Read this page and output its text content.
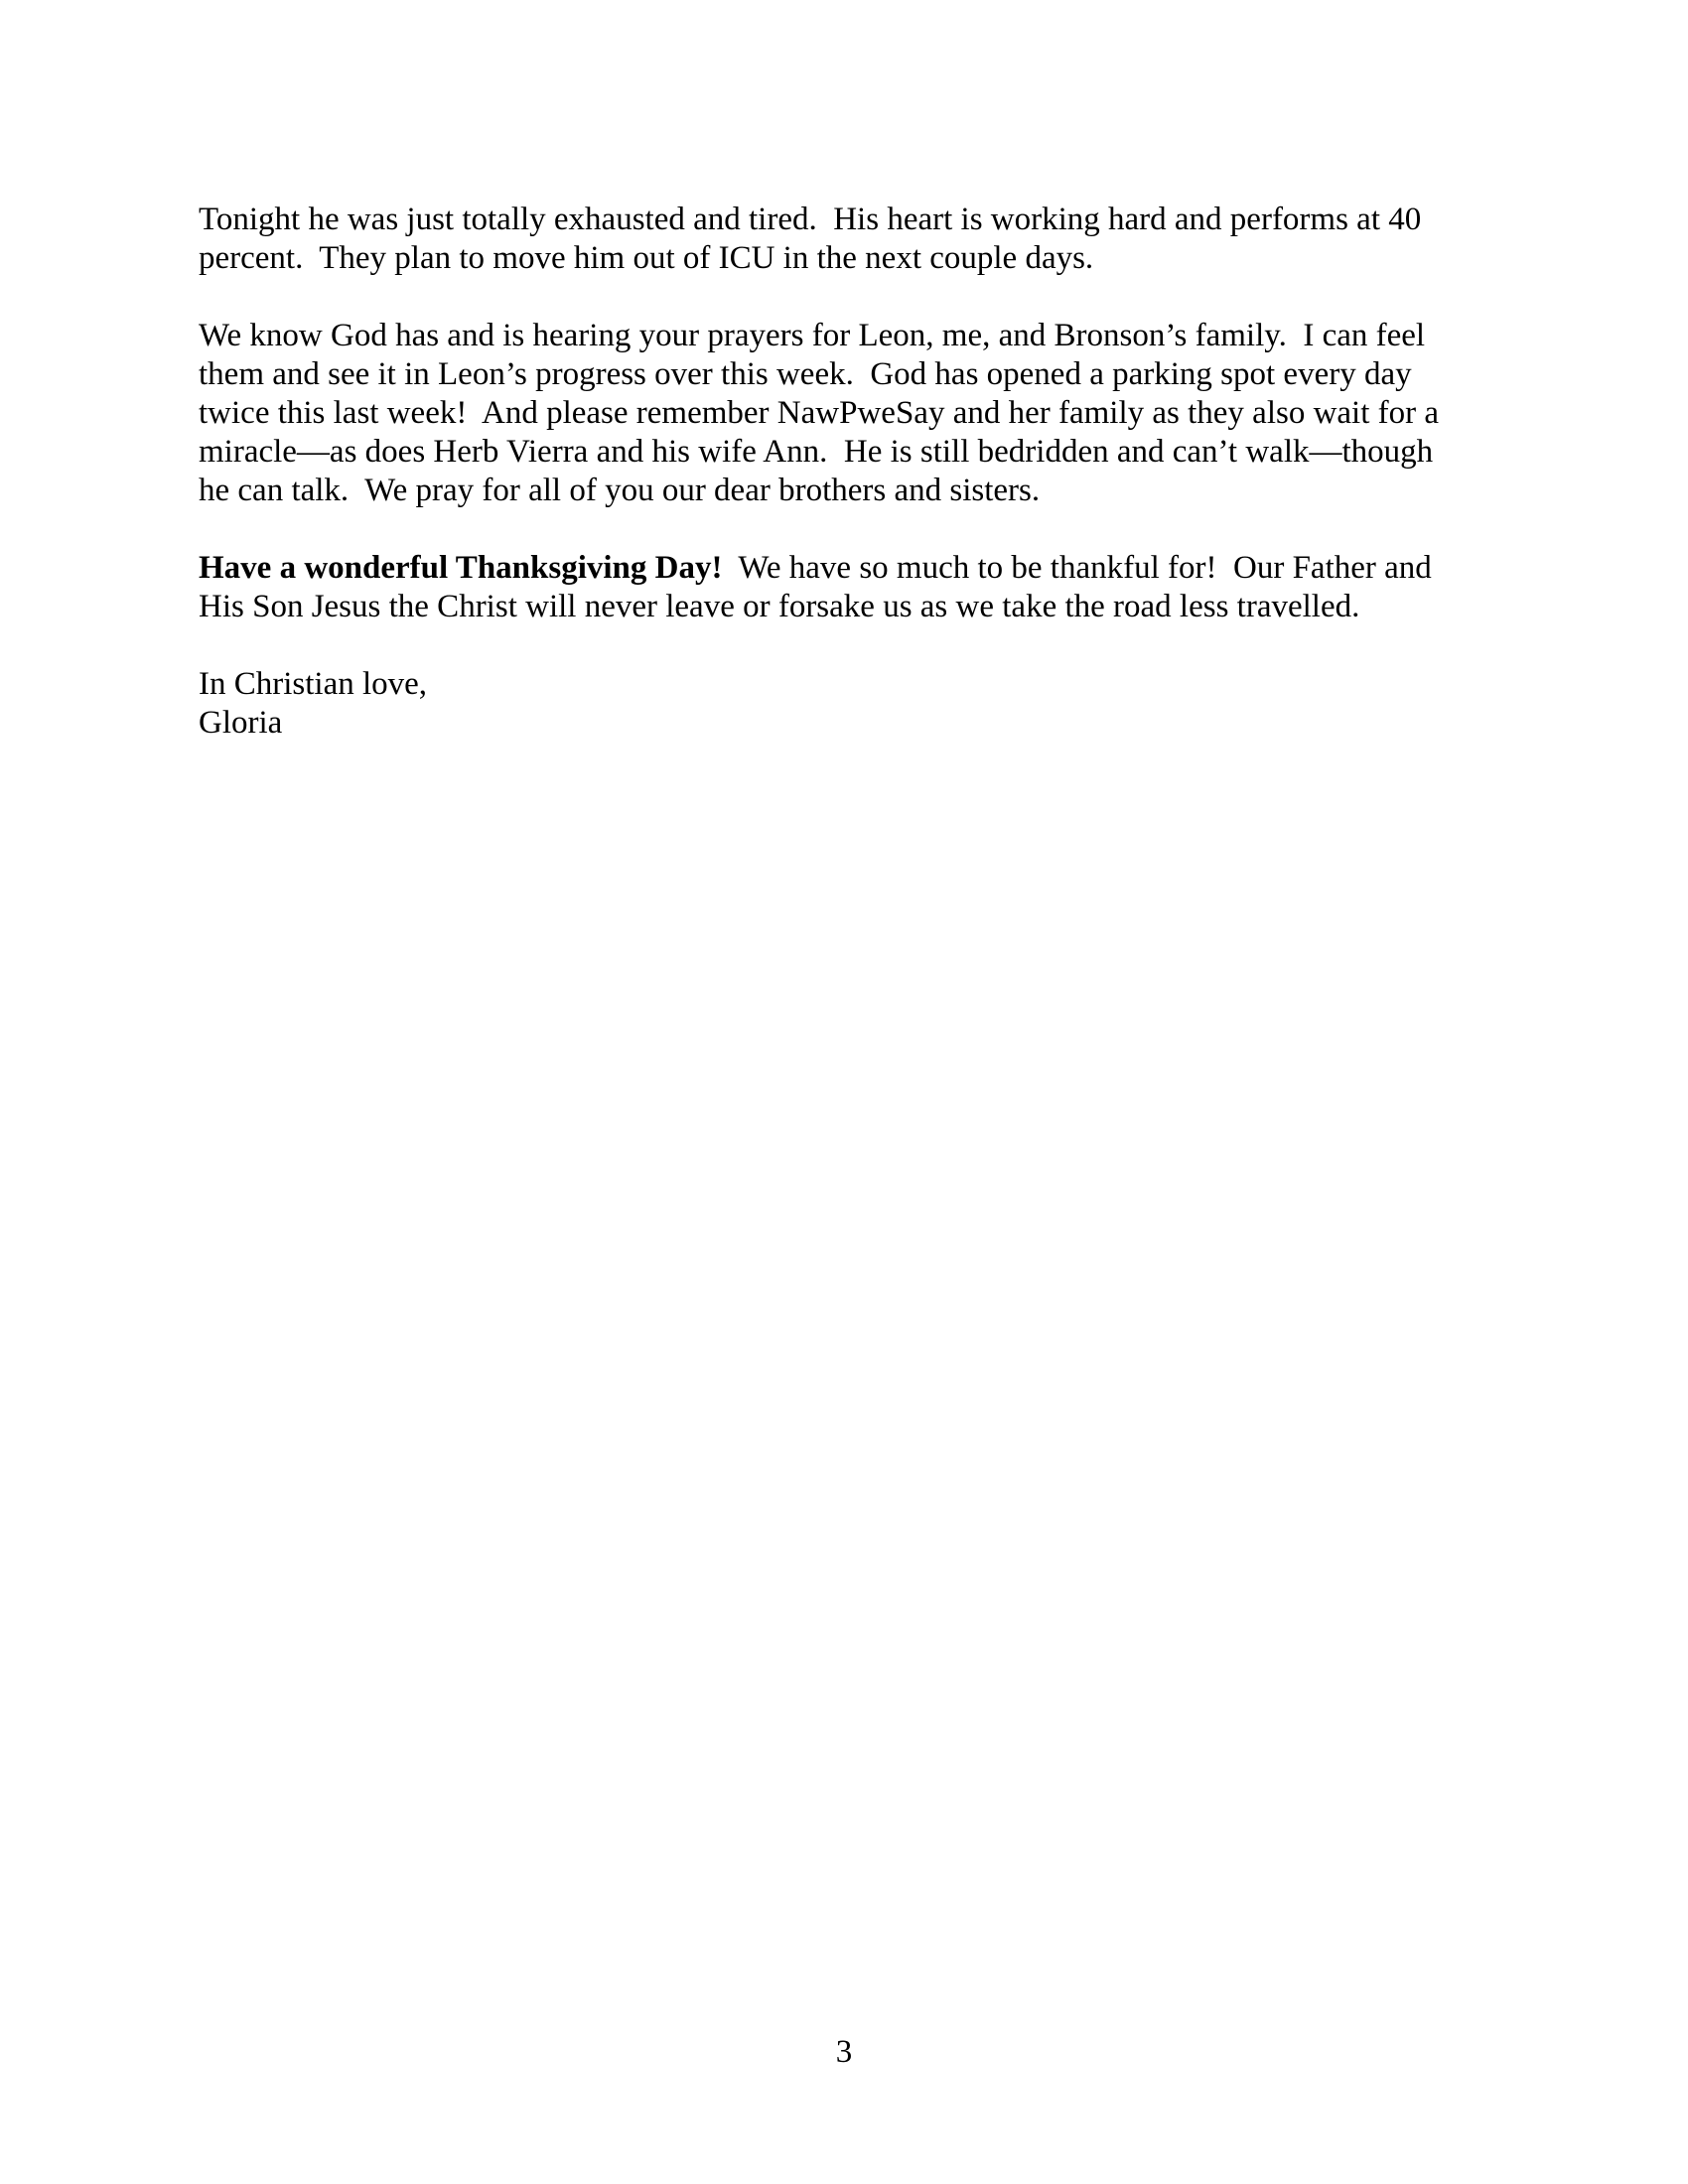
Tonight he was just totally exhausted and tired.  His heart is working hard and performs at 40
percent.  They plan to move him out of ICU in the next couple days.
We know God has and is hearing your prayers for Leon, me, and Bronson’s family.  I can feel
them and see it in Leon’s progress over this week.  God has opened a parking spot every day
twice this last week!  And please remember NawPweSay and her family as they also wait for a
miracle—as does Herb Vierra and his wife Ann.  He is still bedridden and can’t walk—though
he can talk.  We pray for all of you our dear brothers and sisters.
Have a wonderful Thanksgiving Day!  We have so much to be thankful for!  Our Father and
His Son Jesus the Christ will never leave or forsake us as we take the road less travelled.
In Christian love,
Gloria
3
